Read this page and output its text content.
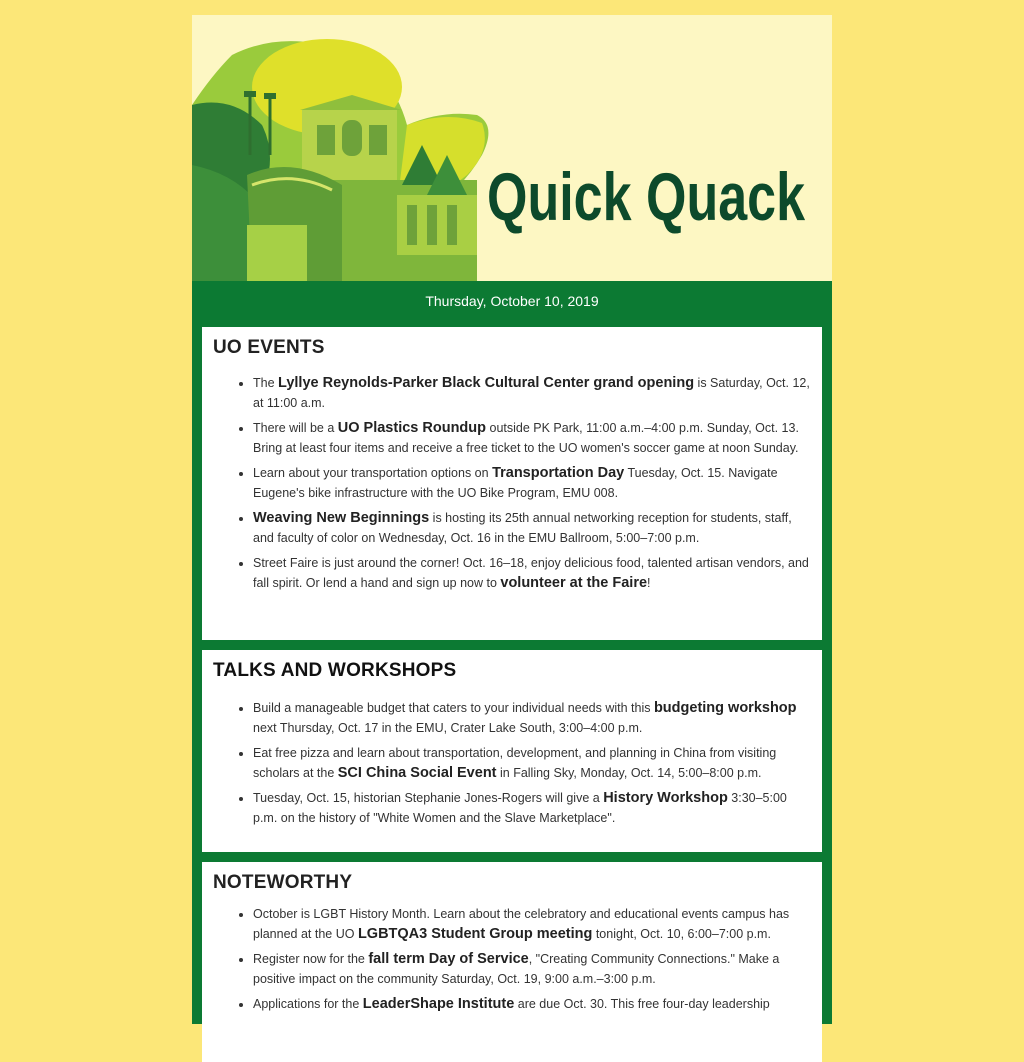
Quick Quack
Thursday, October 10, 2019
UO EVENTS
• The Lyllye Reynolds-Parker Black Cultural Center grand opening is Saturday, Oct. 12, at 11:00 a.m.
• There will be a UO Plastics Roundup outside PK Park, 11:00 a.m.–4:00 p.m. Sunday, Oct. 13. Bring at least four items and receive a free ticket to the UO women's soccer game at noon Sunday.
• Learn about your transportation options on Transportation Day Tuesday, Oct. 15. Navigate Eugene's bike infrastructure with the UO Bike Program, EMU 008.
• Weaving New Beginnings is hosting its 25th annual networking reception for students, staff, and faculty of color on Wednesday, Oct. 16 in the EMU Ballroom, 5:00–7:00 p.m.
• Street Faire is just around the corner! Oct. 16–18, enjoy delicious food, talented artisan vendors, and fall spirit. Or lend a hand and sign up now to volunteer at the Faire!
TALKS AND WORKSHOPS
• Build a manageable budget that caters to your individual needs with this budgeting workshop next Thursday, Oct. 17 in the EMU, Crater Lake South, 3:00–4:00 p.m.
• Eat free pizza and learn about transportation, development, and planning in China from visiting scholars at the SCI China Social Event in Falling Sky, Monday, Oct. 14, 5:00–8:00 p.m.
• Tuesday, Oct. 15, historian Stephanie Jones-Rogers will give a History Workshop 3:30–5:00 p.m. on the history of "White Women and the Slave Marketplace".
NOTEWORTHY
• October is LGBT History Month. Learn about the celebratory and educational events campus has planned at the UO LGBTQA3 Student Group meeting tonight, Oct. 10, 6:00–7:00 p.m.
• Register now for the fall term Day of Service, "Creating Community Connections." Make a positive impact on the community Saturday, Oct. 19, 9:00 a.m.–3:00 p.m.
• Applications for the LeaderShape Institute are due Oct. 30. This free four-day leadership
